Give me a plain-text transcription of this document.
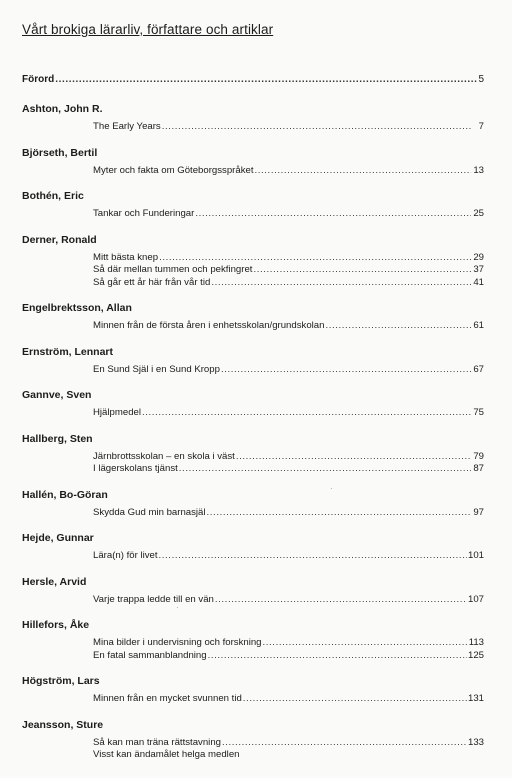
Vårt brokiga lärarliv, författare och artiklar
Förord .....	5
Ashton, John R.
The Early Years .....	7
Björseth, Bertil
Myter och fakta om Göteborgsspråket .....	13
Bothén, Eric
Tankar och Funderingar .....	25
Derner, Ronald
Mitt bästa knep .....	29
Så där mellan tummen och pekfingret .....	37
Så går ett år här från vår tid .....	41
Engelbrektsson, Allan
Minnen från de första åren i enhetsskolan/grundskolan .....	61
Ernström, Lennart
En Sund Själ i en Sund Kropp .....	67
Gannve, Sven
Hjälpmedel .....	75
Hallberg, Sten
Järnbrottsskolan – en skola i väst .....	79
I lägerskolans tjänst .....	87
Hallén, Bo-Göran
Skydda Gud min barnasjäl .....	97
Hejde, Gunnar
Lära(n) för livet .....	101
Hersle, Arvid
Varje trappa ledde till en vän .....	107
Hillefors, Åke
Mina bilder i undervisning och forskning .....	113
En fatal sammanblandning .....	125
Högström, Lars
Minnen från en mycket svunnen tid .....	131
Jeansson, Sture
Så kan man träna rättstavning .....	133
Visst kan ändamålet helga medlen
·
·
